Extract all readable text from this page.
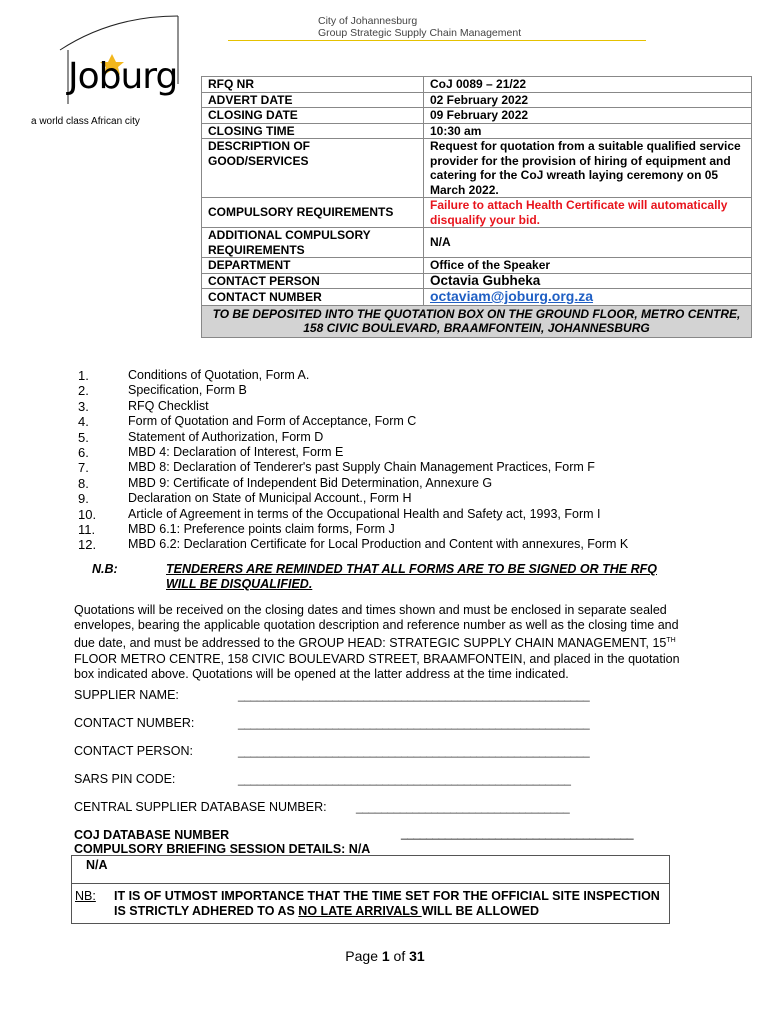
City of Johannesburg
Group Strategic Supply Chain Management
Joburg
a world class African city
RFQ NR	CoJ 0089 – 21/22
ADVERT DATE	02 February 2022
CLOSING DATE	09 February 2022
CLOSING TIME	10:30 am

DESCRIPTION OF
GOOD/SERVICES	Request for quotation from a suitable qualified service provider for the provision of hiring of equipment and catering for the CoJ wreath laying ceremony on 05 March 2022.
COMPULSORY REQUIREMENTS	Failure to attach Health Certificate will automatically disqualify your bid.
ADDITIONAL COMPULSORY REQUIREMENTS	N/A
DEPARTMENT	Office of the Speaker
CONTACT PERSON	Octavia Gubheka
CONTACT NUMBER	octaviam@joburg.org.za
TO BE DEPOSITED INTO THE QUOTATION BOX ON THE GROUND FLOOR, METRO CENTRE, 158 CIVIC BOULEVARD, BRAAMFONTEIN, JOHANNESBURG	
1.	Conditions of Quotation, Form A.
2.	Specification, Form B
3.	RFQ Checklist
4.	Form of Quotation and Form of Acceptance, Form C
5.	Statement of Authorization, Form D
6.	MBD 4: Declaration of Interest, Form E
7.	MBD 8: Declaration of Tenderer's past Supply Chain Management Practices, Form F
8.	MBD 9: Certificate of Independent Bid Determination, Annexure G
9.	Declaration on State of Municipal Account., Form H
10.	Article of Agreement in terms of the Occupational Health and Safety act, 1993, Form I
11.	MBD 6.1: Preference points claim forms, Form J
12.	MBD 6.2: Declaration Certificate for Local Production and Content with annexures, Form K
N.B:	TENDERERS ARE REMINDED THAT ALL FORMS ARE TO BE SIGNED OR THE RFQ WILL BE DISQUALIFIED.
Quotations will be received on the closing dates and times shown and must be enclosed in separate sealed envelopes, bearing the applicable quotation description and reference number as well as the closing time and due date, and must be addressed to the GROUP HEAD: STRATEGIC SUPPLY CHAIN MANAGEMENT, 15TH FLOOR METRO CENTRE, 158 CIVIC BOULEVARD STREET, BRAAMFONTEIN, and placed in the quotation box indicated above. Quotations will be opened at the latter address at the time indicated.
SUPPLIER NAME:	________________________________________________________
CONTACT NUMBER:	________________________________________________________
CONTACT PERSON:	________________________________________________________
SARS PIN CODE:	_____________________________________________________
CENTRAL SUPPLIER DATABASE NUMBER: __________________________________
COJ DATABASE NUMBER
COMPULSORY BRIEFING SESSION DETAILS: N/A
_____________________________________
N/A
NB: IT IS OF UTMOST IMPORTANCE THAT THE TIME SET FOR THE OFFICIAL SITE INSPECTION IS STRICTLY ADHERED TO AS NO LATE ARRIVALS WILL BE ALLOWED
Page 1 of 31
